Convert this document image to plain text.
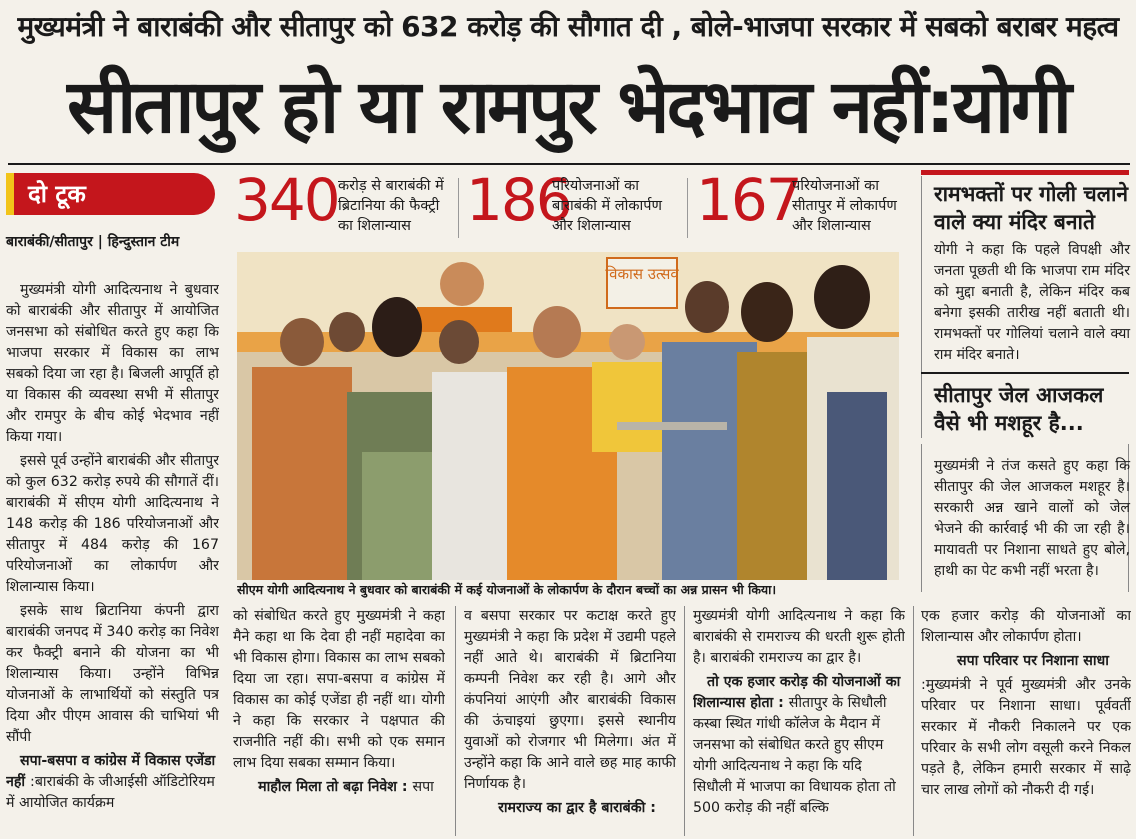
मुख्यमंत्री ने बाराबंकी और सीतापुर को 632 करोड़ की सौगात दी , बोले-भाजपा सरकार में सबको बराबर महत्व
सीतापुर हो या रामपुर भेदभाव नहीं:योगी
दो टूक
बाराबंकी/सीतापुर | हिन्दुस्तान टीम

मुख्यमंत्री योगी आदित्यनाथ ने बुधवार को बाराबंकी और सीतापुर में आयोजित जनसभा को संबोधित करते हुए कहा कि भाजपा सरकार में विकास का लाभ सबको दिया जा रहा है। बिजली आपूर्ति हो या विकास की व्यवस्था सभी में सीतापुर और रामपुर के बीच कोई भेदभाव नहीं किया गया।

इससे पूर्व उन्होंने बाराबंकी और सीतापुर को कुल 632 करोड़ रुपये की सौगातें दीं। बाराबंकी में सीएम योगी आदित्यनाथ ने 148 करोड़ की 186 परियोजनाओं और सीतापुर में 484 करोड़ की 167 परियोजनाओं का लोकार्पण और शिलान्यास किया।

इसके साथ ब्रिटानिया कंपनी द्वारा बाराबंकी जनपद में 340 करोड़ का निवेश कर फैक्ट्री बनाने की योजना का भी शिलान्यास किया। उन्होंने विभिन्न योजनाओं के लाभार्थियों को संस्तुति पत्र दिया और पीएम आवास की चाभियां भी सौंपी

सपा-बसपा व कांग्रेस में विकास एजेंडा नहीं :बाराबंकी के जीआईसी ऑडिटोरियम में आयोजित कार्यक्रम

340 करोड़ से बाराबंकी में ब्रिटानिया की फैक्ट्री का शिलान्यास 186
परियोजनाओं का बाराबंकी में लोकार्पण और शिलान्यास	167
परियोजनाओं का सीतापुर में लोकार्पण और शिलान्यास
विकास उत्सव
सीएम योगी आदित्यनाथ ने बुधवार को बाराबंकी में कई योजनाओं के लोकार्पण के दौरान बच्चों का अन्न प्रासन भी किया।

को संबोधित करते हुए मुख्यमंत्री ने कहा मैने कहा था कि देवा ही नहीं महादेवा का भी विकास होगा। विकास का लाभ सबको दिया जा रहा। सपा-बसपा व कांग्रेस में विकास का कोई एजेंडा ही नहीं था। योगी ने कहा कि सरकार ने पक्षपात की राजनीति नहीं की। सभी को एक समान लाभ दिया सबका सम्मान किया।

माहौल मिला तो बढ़ा निवेश : सपा

व बसपा सरकार पर कटाक्ष करते हुए मुख्यमंत्री ने कहा कि प्रदेश में उद्यमी पहले नहीं आते थे। बाराबंकी में ब्रिटानिया कम्पनी निवेश कर रही है। आगे और कंपनियां आएंगी और बाराबंकी विकास की ऊंचाइयां छुएगा। इससे स्थानीय युवाओं को रोजगार भी मिलेगा। अंत में उन्होंने कहा कि आने वाले छह माह काफी निर्णायक है।

रामराज्य का द्वार है बाराबंकी :

मुख्यमंत्री योगी आदित्यनाथ ने कहा कि बाराबंकी से रामराज्य की धरती शुरू होती है। बाराबंकी रामराज्य का द्वार है।

तो एक हजार करोड़ की योजनाओं का शिलान्यास होता : सीतापुर के सिधौली कस्बा स्थित गांधी कॉलेज के मैदान में जनसभा को संबोधित करते हुए सीएम योगी आदित्यनाथ ने कहा कि यदि सिधौली में भाजपा का विधायक होता तो 500 करोड़ की नहीं बल्कि

एक हजार करोड़ की योजनाओं का शिलान्यास और लोकार्पण होता।

सपा परिवार पर निशाना साधा

:मुख्यमंत्री ने पूर्व मुख्यमंत्री और उनके परिवार पर निशाना साधा। पूर्ववर्ती सरकार में नौकरी निकालने पर एक परिवार के सभी लोग वसूली करने निकल पड़ते है, लेकिन हमारी सरकार में साढ़े चार लाख लोगों को नौकरी दी गई।

रामभक्तों पर गोली चलाने वाले क्या मंदिर बनाते
योगी ने कहा कि पहले विपक्षी और जनता पूछती थी कि भाजपा राम मंदिर को मुद्दा बनाती है, लेकिन मंदिर कब बनेगा इसकी तारीख नहीं बताती थी। रामभक्तों पर गोलियां चलाने वाले क्या राम मंदिर बनाते।
सीतापुर जेल आजकल वैसे भी मशहूर है...
मुख्यमंत्री ने तंज कसते हुए कहा कि सीतापुर की जेल आजकल मशहूर है। सरकारी अन्न खाने वालों को जेल भेजने की कार्रवाई भी की जा रही है। मायावती पर निशाना साधते हुए बोले, हाथी का पेट कभी नहीं भरता है।
